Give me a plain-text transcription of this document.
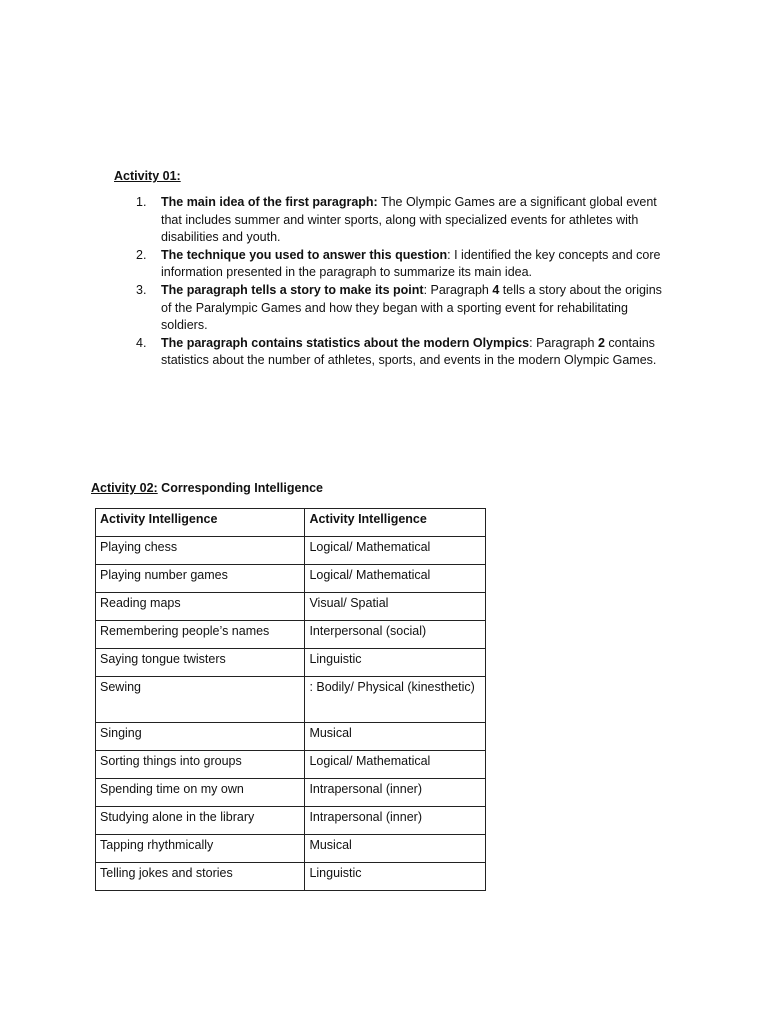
Activity 01:
1. The main idea of the first paragraph: The Olympic Games are a significant global event that includes summer and winter sports, along with specialized events for athletes with disabilities and youth.
2. The technique you used to answer this question: I identified the key concepts and core information presented in the paragraph to summarize its main idea.
3. The paragraph tells a story to make its point: Paragraph 4 tells a story about the origins of the Paralympic Games and how they began with a sporting event for rehabilitating soldiers.
4. The paragraph contains statistics about the modern Olympics: Paragraph 2 contains statistics about the number of athletes, sports, and events in the modern Olympic Games.
Activity 02: Corresponding Intelligence
Activity Intelligence	Activity Intelligence
Playing chess	Logical/ Mathematical
Playing number games	Logical/ Mathematical
Reading maps	Visual/ Spatial
Remembering people’s names	Interpersonal (social)
Saying tongue twisters	Linguistic
Sewing	: Bodily/ Physical (kinesthetic)
Singing	Musical
Sorting things into groups	Logical/ Mathematical
Spending time on my own	Intrapersonal (inner)
Studying alone in the library	Intrapersonal (inner)
Tapping rhythmically	Musical
Telling jokes and stories	Linguistic
